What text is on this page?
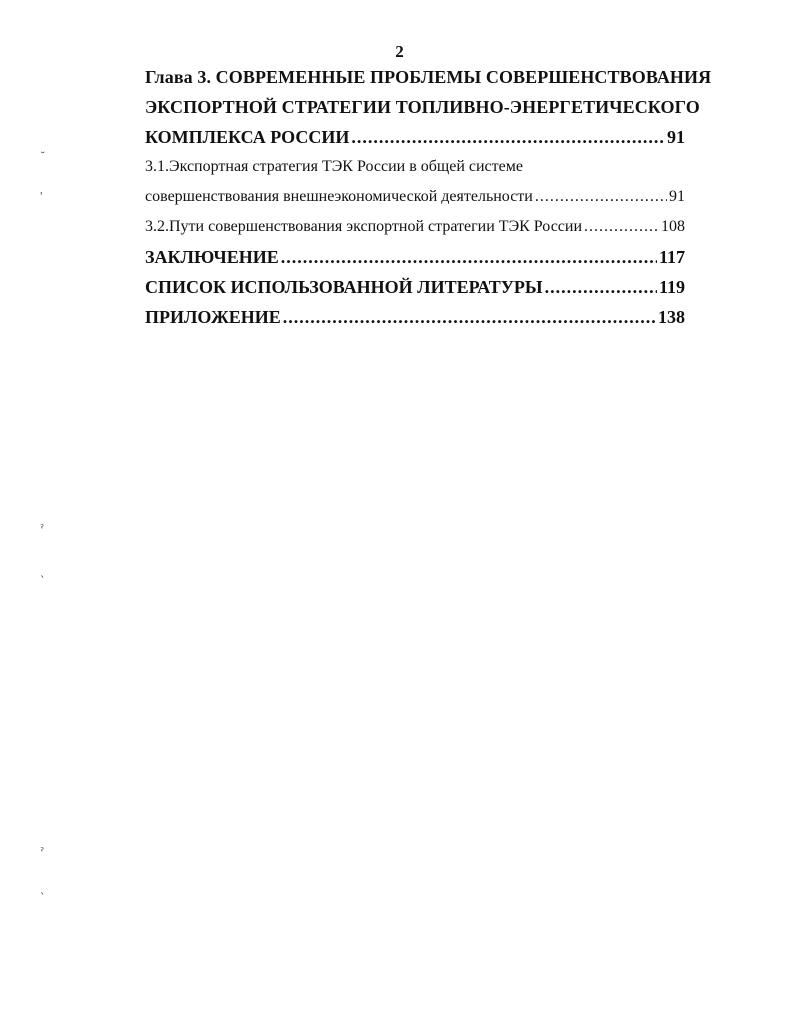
2
Глава 3. СОВРЕМЕННЫЕ ПРОБЛЕМЫ СОВЕРШЕНСТВОВАНИЯ
ЭКСПОРТНОЙ СТРАТЕГИИ ТОПЛИВНО-ЭНЕРГЕТИЧЕСКОГО
КОМПЛЕКСА РОССИИ .....	91
3.1.Экспортная стратегия ТЭК России в общей системе
совершенствования внешнеэкономической деятельности .....	91
3.2.Пути совершенствования экспортной стратегии ТЭК России .....	108
ЗАКЛЮЧЕНИЕ .....	117
СПИСОК ИСПОЛЬЗОВАННОЙ ЛИТЕРАТУРЫ .....	119
ПРИЛОЖЕНИЕ .....	138
˘
ʾ
ˀ
ˎ
ˀ
ˎ
